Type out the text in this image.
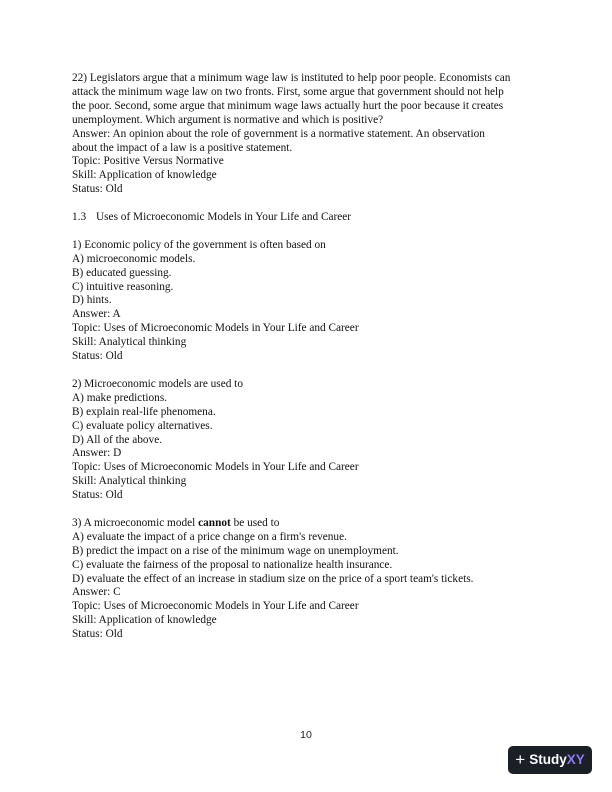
22) Legislators argue that a minimum wage law is instituted to help poor people. Economists can
attack the minimum wage law on two fronts. First, some argue that government should not help
the poor. Second, some argue that minimum wage laws actually hurt the poor because it creates
unemployment. Which argument is normative and which is positive?
Answer: An opinion about the role of government is a normative statement. An observation
about the impact of a law is a positive statement.
Topic: Positive Versus Normative
Skill: Application of knowledge
Status: Old
1.3 Uses of Microeconomic Models in Your Life and Career
1) Economic policy of the government is often based on
A) microeconomic models.
B) educated guessing.
C) intuitive reasoning.
D) hints.
Answer: A
Topic: Uses of Microeconomic Models in Your Life and Career
Skill: Analytical thinking
Status: Old
2) Microeconomic models are used to
A) make predictions.
B) explain real-life phenomena.
C) evaluate policy alternatives.
D) All of the above.
Answer: D
Topic: Uses of Microeconomic Models in Your Life and Career
Skill: Analytical thinking
Status: Old
3) A microeconomic model cannot be used to
A) evaluate the impact of a price change on a firm's revenue.
B) predict the impact on a rise of the minimum wage on unemployment.
C) evaluate the fairness of the proposal to nationalize health insurance.
D) evaluate the effect of an increase in stadium size on the price of a sport team's tickets.
Answer: C
Topic: Uses of Microeconomic Models in Your Life and Career
Skill: Application of knowledge
Status: Old
10
+ StudyXY
